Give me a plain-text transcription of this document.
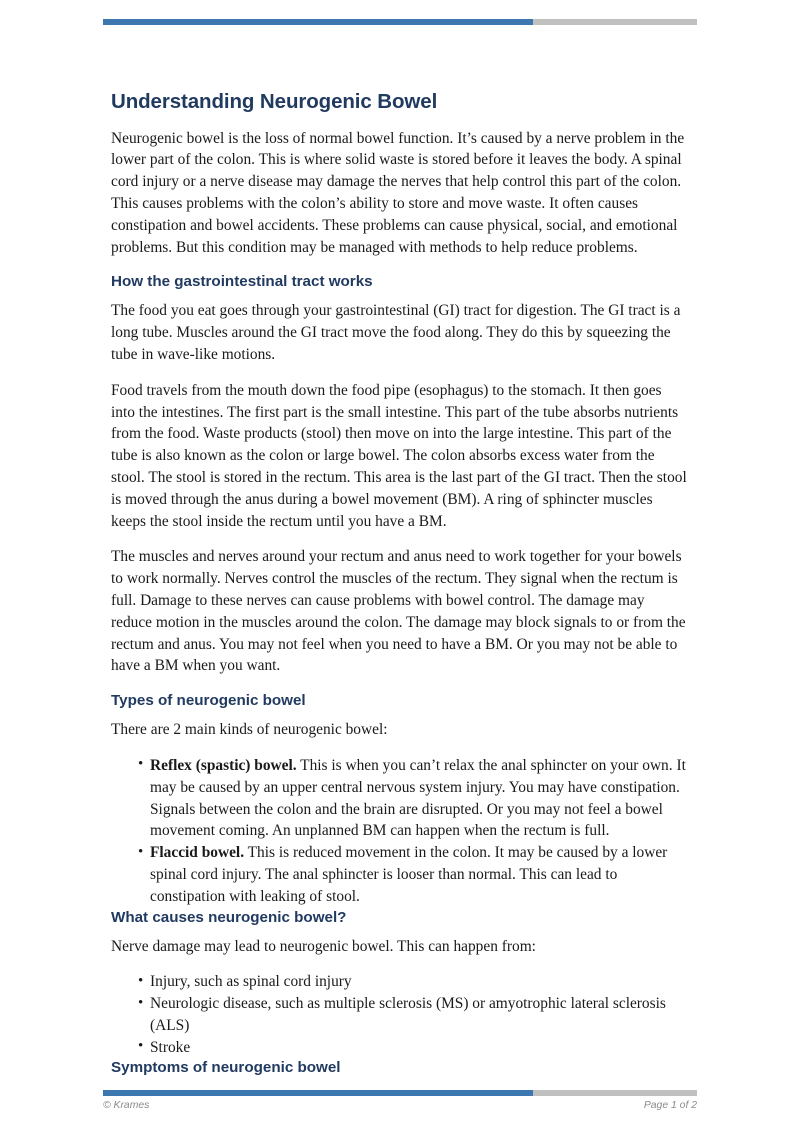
Understanding Neurogenic Bowel

Neurogenic bowel is the loss of normal bowel function. It’s caused by a nerve problem in the lower part of the colon. This is where solid waste is stored before it leaves the body. A spinal cord injury or a nerve disease may damage the nerves that help control this part of the colon. This causes problems with the colon’s ability to store and move waste. It often causes constipation and bowel accidents. These problems can cause physical, social, and emotional problems. But this condition may be managed with methods to help reduce problems.

How the gastrointestinal tract works

The food you eat goes through your gastrointestinal (GI) tract for digestion. The GI tract is a long tube. Muscles around the GI tract move the food along. They do this by squeezing the tube in wave-like motions.

Food travels from the mouth down the food pipe (esophagus) to the stomach. It then goes into the intestines. The first part is the small intestine. This part of the tube absorbs nutrients from the food. Waste products (stool) then move on into the large intestine. This part of the tube is also known as the colon or large bowel. The colon absorbs excess water from the stool. The stool is stored in the rectum. This area is the last part of the GI tract. Then the stool is moved through the anus during a bowel movement (BM). A ring of sphincter muscles keeps the stool inside the rectum until you have a BM.

The muscles and nerves around your rectum and anus need to work together for your bowels to work normally. Nerves control the muscles of the rectum. They signal when the rectum is full. Damage to these nerves can cause problems with bowel control. The damage may reduce motion in the muscles around the colon. The damage may block signals to or from the rectum and anus. You may not feel when you need to have a BM. Or you may not be able to have a BM when you want.

Types of neurogenic bowel

There are 2 main kinds of neurogenic bowel:

• Reflex (spastic) bowel. This is when you can’t relax the anal sphincter on your own. It may be caused by an upper central nervous system injury. You may have constipation. Signals between the colon and the brain are disrupted. Or you may not feel a bowel movement coming. An unplanned BM can happen when the rectum is full.
• Flaccid bowel. This is reduced movement in the colon. It may be caused by a lower spinal cord injury. The anal sphincter is looser than normal. This can lead to constipation with leaking of stool.
What causes neurogenic bowel?

Nerve damage may lead to neurogenic bowel. This can happen from:

• Injury, such as spinal cord injury
• Neurologic disease, such as multiple sclerosis (MS) or amyotrophic lateral sclerosis (ALS)
• Stroke
Symptoms of neurogenic bowel
© Krames	Page 1 of 2
